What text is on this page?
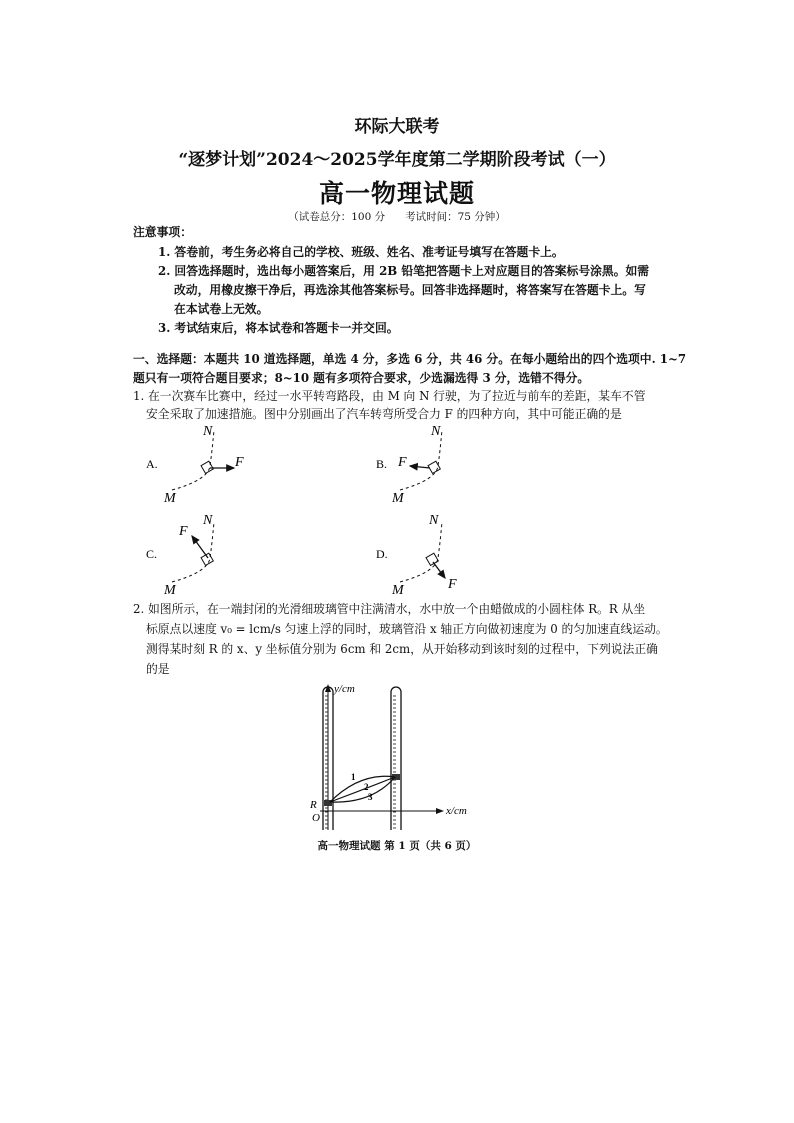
环际大联考
“逐梦计划”2024～2025学年度第二学期阶段考试（一）
高一物理试题
（试卷总分：100 分 考试时间：75 分钟）
注意事项：
1. 答卷前，考生务必将自己的学校、班级、姓名、准考证号填写在答题卡上。
2. 回答选择题时，选出每小题答案后，用 2B 铅笔把答题卡上对应题目的答案标号涂黑。如需
改动，用橡皮擦干净后，再选涂其他答案标号。回答非选择题时，将答案写在答题卡上。写
在本试卷上无效。
3. 考试结束后，将本试卷和答题卡一并交回。
一、选择题：本题共 10 道选择题，单选 4 分，多选 6 分，共 46 分。在每小题给出的四个选项中. 1~7
题只有一项符合题目要求；8~10 题有多项符合要求，少选漏选得 3 分，选错不得分。
1. 在一次赛车比赛中，经过一水平转弯路段，由 M 向 N 行驶，为了拉近与前车的差距，某车不管
安全采取了加速措施。图中分别画出了汽车转弯所受合力 F 的四种方向，其中可能正确的是
A.	F
N
M
B. F
N
M
C.
F
N
M
D.
F
N
M
2. 如图所示，在一端封闭的光滑细玻璃管中注满清水，水中放一个由蜡做成的小圆柱体 R。R 从坐
标原点以速度 v₀ = lcm/s 匀速上浮的同时，玻璃管沿 x 轴正方向做初速度为 0 的匀加速直线运动。
测得某时刻 R 的 x、y 坐标值分别为 6cm 和 2cm，从开始移动到该时刻的过程中，下列说法正确
的是
y/cm
x/cm
R
O
1
2
3
高一物理试题 第 1 页（共 6 页）
